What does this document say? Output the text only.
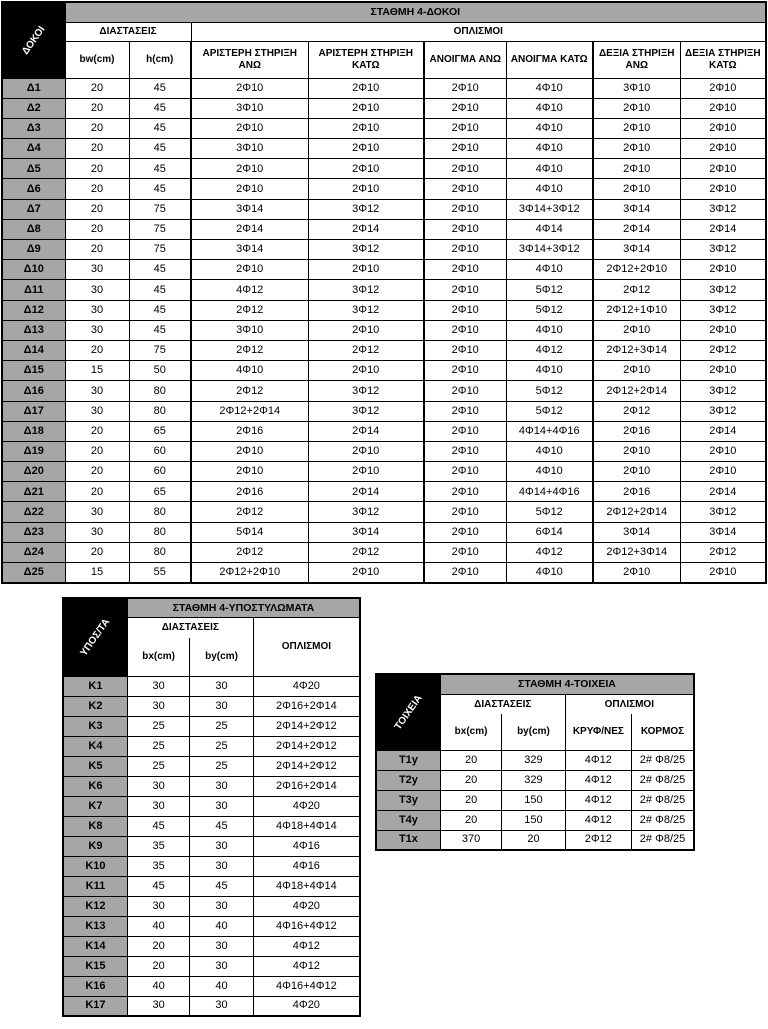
ΔΟΚΟΙ	ΣΤΑΘΜΗ 4-ΔΟΚΟΙ							
	ΔΙΑΣΤΑΣΕΙΣ		ΟΠΛΙΣΜΟΙ					
	bw(cm)	h(cm)	ΑΡΙΣΤΕΡΗ ΣΤΗΡΙΞΗ ΑΝΩ	ΑΡΙΣΤΕΡΗ ΣΤΗΡΙΞΗ ΚΑΤΩ	ΑΝΟΙΓΜΑ ΑΝΩ	ΑΝΟΙΓΜΑ ΚΑΤΩ	ΔΕΞΙΑ ΣΤΗΡΙΞΗ ΑΝΩ	ΔΕΞΙΑ ΣΤΗΡΙΞΗ ΚΑΤΩ
Δ1	20	45	2Φ10	2Φ10	2Φ10	4Φ10	3Φ10	2Φ10
Δ2	20	45	3Φ10	2Φ10	2Φ10	4Φ10	2Φ10	2Φ10
Δ3	20	45	2Φ10	2Φ10	2Φ10	4Φ10	2Φ10	2Φ10
Δ4	20	45	3Φ10	2Φ10	2Φ10	4Φ10	2Φ10	2Φ10
Δ5	20	45	2Φ10	2Φ10	2Φ10	4Φ10	2Φ10	2Φ10
Δ6	20	45	2Φ10	2Φ10	2Φ10	4Φ10	2Φ10	2Φ10
Δ7	20	75	3Φ14	3Φ12	2Φ10	3Φ14+3Φ12	3Φ14	3Φ12
Δ8	20	75	2Φ14	2Φ14	2Φ10	4Φ14	2Φ14	2Φ14
Δ9	20	75	3Φ14	3Φ12	2Φ10	3Φ14+3Φ12	3Φ14	3Φ12
Δ10	30	45	2Φ10	2Φ10	2Φ10	4Φ10	2Φ12+2Φ10	2Φ10
Δ11	30	45	4Φ12	3Φ12	2Φ10	5Φ12	2Φ12	3Φ12
Δ12	30	45	2Φ12	3Φ12	2Φ10	5Φ12	2Φ12+1Φ10	3Φ12
Δ13	30	45	3Φ10	2Φ10	2Φ10	4Φ10	2Φ10	2Φ10
Δ14	20	75	2Φ12	2Φ12	2Φ10	4Φ12	2Φ12+3Φ14	2Φ12
Δ15	15	50	4Φ10	2Φ10	2Φ10	4Φ10	2Φ10	2Φ10
Δ16	30	80	2Φ12	3Φ12	2Φ10	5Φ12	2Φ12+2Φ14	3Φ12
Δ17	30	80	2Φ12+2Φ14	3Φ12	2Φ10	5Φ12	2Φ12	3Φ12
Δ18	20	65	2Φ16	2Φ14	2Φ10	4Φ14+4Φ16	2Φ16	2Φ14
Δ19	20	60	2Φ10	2Φ10	2Φ10	4Φ10	2Φ10	2Φ10
Δ20	20	60	2Φ10	2Φ10	2Φ10	4Φ10	2Φ10	2Φ10
Δ21	20	65	2Φ16	2Φ14	2Φ10	4Φ14+4Φ16	2Φ16	2Φ14
Δ22	30	80	2Φ12	3Φ12	2Φ10	5Φ12	2Φ12+2Φ14	3Φ12
Δ23	30	80	5Φ14	3Φ14	2Φ10	6Φ14	3Φ14	3Φ14
Δ24	20	80	2Φ12	2Φ12	2Φ10	4Φ12	2Φ12+3Φ14	2Φ12
Δ25	15	55	2Φ12+2Φ10	2Φ10	2Φ10	4Φ10	2Φ10	2Φ10
ΥΠΟΣ/ΤΑ	ΣΤΑΘΜΗ 4-ΥΠΟΣΤΥΛΩΜΑΤΑ		
	ΔΙΑΣΤΑΣΕΙΣ		ΟΠΛΙΣΜΟΙ
	bx(cm)	by(cm)	
K1	30	30	4Φ20
K2	30	30	2Φ16+2Φ14
K3	25	25	2Φ14+2Φ12
K4	25	25	2Φ14+2Φ12
K5	25	25	2Φ14+2Φ12
K6	30	30	2Φ16+2Φ14
K7	30	30	4Φ20
K8	45	45	4Φ18+4Φ14
K9	35	30	4Φ16
K10	35	30	4Φ16
K11	45	45	4Φ18+4Φ14
K12	30	30	4Φ20
K13	40	40	4Φ16+4Φ12
K14	20	30	4Φ12
K15	20	30	4Φ12
K16	40	40	4Φ16+4Φ12
K17	30	30	4Φ20
ΤΟΙΧΕΙΑ	ΣΤΑΘΜΗ 4-ΤΟΙΧΕΙΑ			
	ΔΙΑΣΤΑΣΕΙΣ		ΟΠΛΙΣΜΟΙ	
	bx(cm)	by(cm)	ΚΡΥΦ/ΝΕΣ	ΚΟΡΜΟΣ
T1y	20	329	4Φ12	2# Φ8/25
T2y	20	329	4Φ12	2# Φ8/25
T3y	20	150	4Φ12	2# Φ8/25
T4y	20	150	4Φ12	2# Φ8/25
T1x	370	20	2Φ12	2# Φ8/25
